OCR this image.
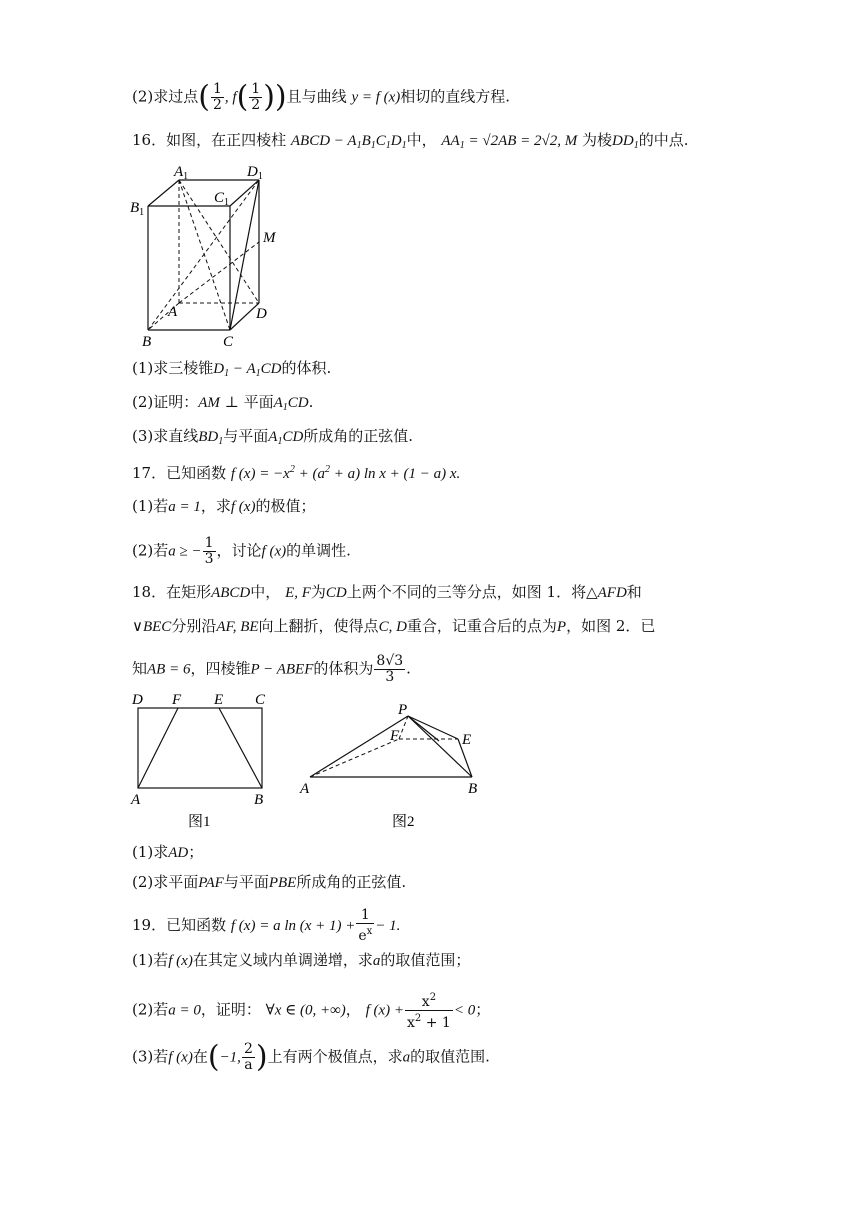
(2)求过点( $\frac{1}{2}$ , $f( \frac{1}{2}$ ))且与曲线 y = f (x)相切的直线方程.
16．如图，在正四棱柱 ABCD − $A_1B_1C_1D_1$中， $AA_1 = √2AB = 2√2$, M 为棱$DD_1$的中点.
$A_1$	$D_1$
$B_1$
$C_1$
M
A	D
B	C
(1)求三棱锥$D_1 - A_1CD$的体积.
(2)证明：AM ⊥ 平面$A_1CD$.
(3)求直线$BD_1$与平面$A_1CD$所成角的正弦值.
17．已知函数 f $(x) = -x^2 + (a^2 + a)$ ln x + (1 − a) x.
(1)若a = 1，求f (x)的极值；
(2)若a ≥ − $\frac{1}{3}$ ，讨论f (x)的单调性.
18．在矩形ABCD中， E, F为CD上两个不同的三等分点，如图 1．将△AFD和
∨BEC分别沿AF, BE向上翻折，使得点C, D重合，记重合后的点为P，如图 2．已
知AB = 6，四棱锥P − ABEF的体积为 $\frac{8√3}{3}$ .
D F E C
A	B
图1
P
F	E
A	B
图2
(1)求AD；
(2)求平面PAF与平面PBE所成角的正弦值.
19．已知函数 f (x) = a $\ln (x + 1) + \frac{1}{e^x} - 1$.
(1)若f (x)在其定义域内单调递增，求a的取值范围；
(2)若a = 0，证明： ∀x ∈ (0, +∞)， f $(x) + \frac{x^2}{x^2 + 1} < 0$；
(3)若f (x)在(−1, $\frac{2}{a}$ )上有两个极值点，求a的取值范围.
